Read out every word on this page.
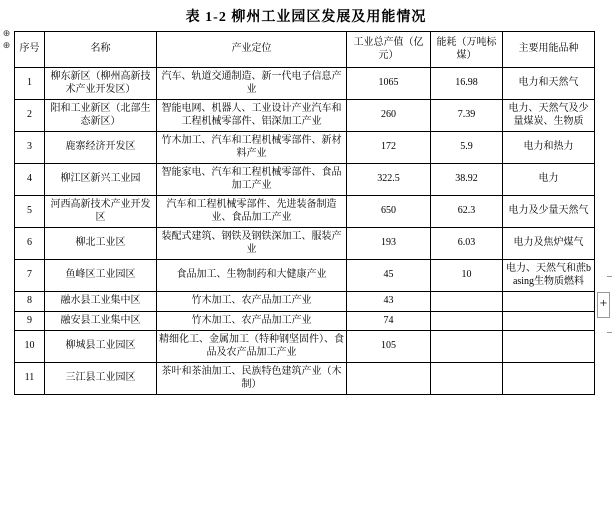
⊕
⊕
+
表 1-2 柳州工业园区发展及用能情况
序号	名称	产业定位	工业总产值（亿元）	能耗（万吨标煤）	主要用能品种
1	柳东新区（柳州高新技术产业开发区）	汽车、轨道交通制造、新一代电子信息产业	1065	16.98	电力和天然气
2	阳和工业新区（北部生态新区）	智能电网、机器人、工业设计产业汽车和工程机械零部件、铝深加工产业	260	7.39	电力、天然气及少量煤炭、生物质
3	鹿寨经济开发区	竹木加工、汽车和工程机械零部件、新材料产业	172	5.9	电力和热力
4	柳江区新兴工业园	智能家电、汽车和工程机械零部件、食品加工产业	322.5	38.92	电力
5	河西高新技术产业开发区	汽车和工程机械零部件、先进装备制造业、食品加工产业	650	62.3	电力及少量天然气
6	柳北工业区	装配式建筑、钢铁及钢铁深加工、服装产业	193	6.03	电力及焦炉煤气
7	鱼峰区工业园区	食品加工、生物制药和大健康产业	45	10	电力、天然气和蔗basing生物质燃料
8	融水县工业集中区	竹木加工、农产品加工产业	43		
9	融安县工业集中区	竹木加工、农产品加工产业	74		
10	柳城县工业园区	精细化工、金属加工（特种钢坚固件）、食品及农产品加工产业	105		
11	三江县工业园区	茶叶和茶油加工、民族特色建筑产业（木制）			
